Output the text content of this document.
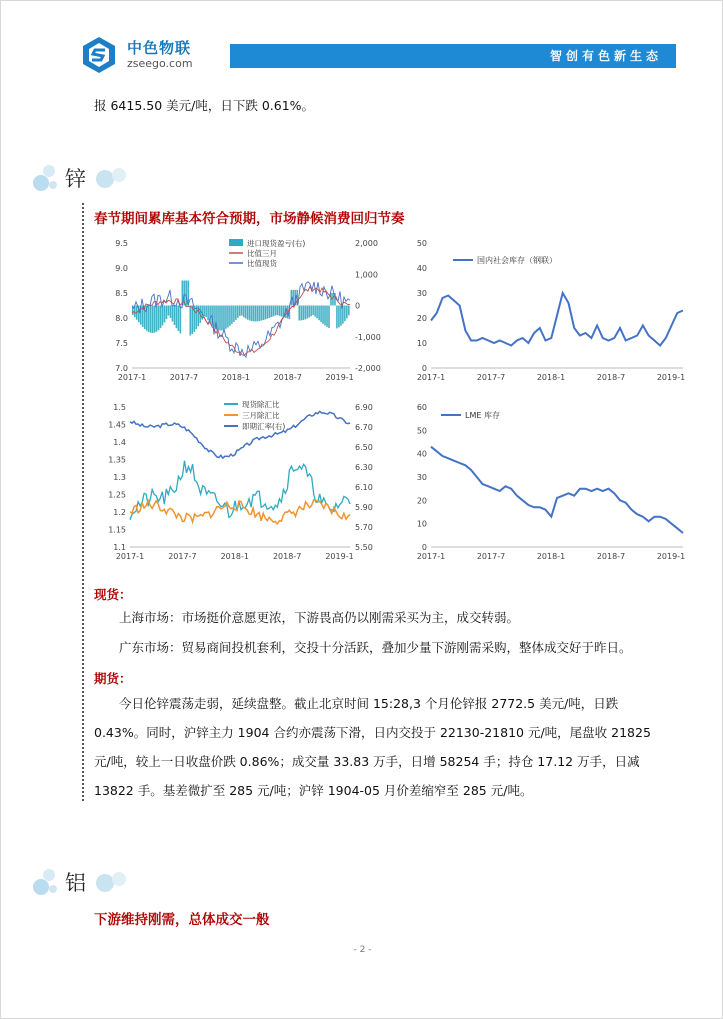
中色物联
zseego.com
智创有色新生态
报 6415.50 美元/吨，日下跌 0.61%。
锌
春节期间累库基本符合预期，市场静候消费回归节奏
9.5
9.0
8.5
8.0
7.5
7.0
2,000
1,000
0
-1,000
-2,000
2017-1	2017-7	2018-1	2018-7	2019-1
进口现货盈亏(右)
比值三月
比值现货
50
40
30
20
10
0
2017-1	2017-7	2018-1	2018-7	2019-1
国内社会库存（钢联）
1.5
1.45
1.4
1.35
1.3
1.25
1.2
1.15
1.1
6.90
6.70
6.50
6.30
6.10
5.90
5.70
5.50
2017-1	2017-7	2018-1	2018-7	2019-1
现货除汇比
三月除汇比
即期汇率(右)
60
50
40
30
20
10
0
2017-1	2017-7	2018-1	2018-7	2019-1
LME 库存
现货：
上海市场：市场挺价意愿更浓，下游畏高仍以刚需采买为主，成交转弱。
广东市场：贸易商间投机套利，交投十分活跃，叠加少量下游刚需采购，整体成交好于昨日。
期货：
今日伦锌震荡走弱，延续盘整。截止北京时间 15:28,3 个月伦锌报 2772.5 美元/吨，日跌
0.43%。同时，沪锌主力 1904 合约亦震荡下滑，日内交投于 22130-21810 元/吨，尾盘收 21825
元/吨，较上一日收盘价跌 0.86%；成交量 33.83 万手，日增 58254 手；持仓 17.12 万手，日减
13822 手。基差微扩至 285 元/吨；沪锌 1904-05 月价差缩窄至 285 元/吨。
铝
下游维持刚需，总体成交一般
- 2 -
